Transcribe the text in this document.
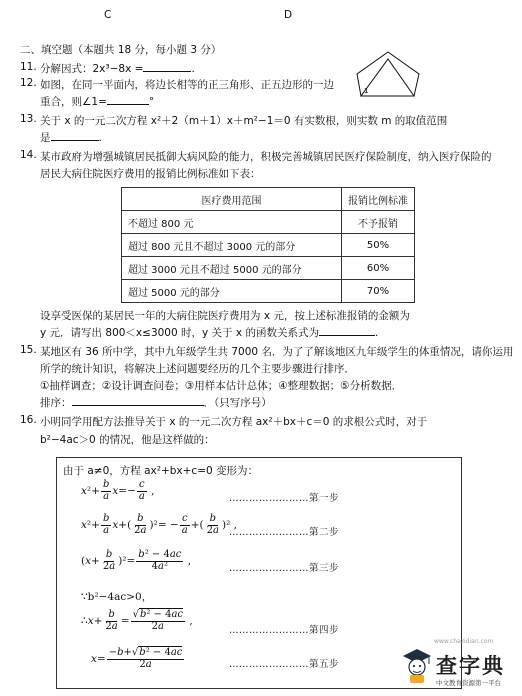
C	D
二、填空题（本题共 18 分，每小题 3 分）
11. 分解因式：2x³−8x =	.
12. 如图，在同一平面内，将边长相等的正三角形、正五边形的一边
重合，则∠1=	°
1
13. 关于 x 的一元二次方程 x²＋2（m＋1）x＋m²−1＝0 有实数根，则实数 m 的取值范围
是	.
14. 某市政府为增强城镇居民抵御大病风险的能力，积极完善城镇居民医疗保险制度，纳入医疗保险的
居民大病住院医疗费用的报销比例标准如下表：
医疗费用范围	报销比例标准
不超过 800 元	不予报销
超过 800 元且不超过 3000 元的部分	50%
超过 3000 元且不超过 5000 元的部分	60%
超过 5000 元的部分	70%
设享受医保的某居民一年的大病住院医疗费用为 x 元，按上述标准报销的金额为
y 元．请写出 800＜x≤3000 时，y 关于 x 的函数关系式为	.
15. 某地区有 36 所中学，其中九年级学生共 7000 名．为了了解该地区九年级学生的体重情况，请你运用
所学的统计知识，将解决上述问题要经历的几个主要步骤进行排序．
①抽样调查；②设计调查问卷；③用样本估计总体；④整理数据；⑤分析数据．
排序：	．（只写序号）
16. 小明同学用配方法推导关于 x 的一元二次方程 ax²＋bx＋c＝0 的求根公式时，对于
b²−4ac＞0 的情况，他是这样做的：
由于 a≠0，方程 ax²+bx+c=0 变形为：
$x^2+ \frac{b}{a} x=- \frac{c}{a}$ ,
……………………第一步
$x^2+ \frac{b}{a} x+( \frac{b}{2a} )^2= - \frac{c}{a}$ +( $\frac{b}{2a} )^2$ ,
……………………第二步
$(x+ \frac{b}{2a} )^2= \frac{\text{b² − 4ac}}{\text{4a²}}$ ,
……………………第三步
∵b²−4ac>0，
∴x+ $\frac{b}{2a} = \frac{\text{√b² − 4ac}}{2a}$ ,
……………………第四步
$x= \frac{\text{−b+√b² − 4ac}}{2a}$	……………………第五步
www.chazidian.com
查字典
中文教育资源第一平台
